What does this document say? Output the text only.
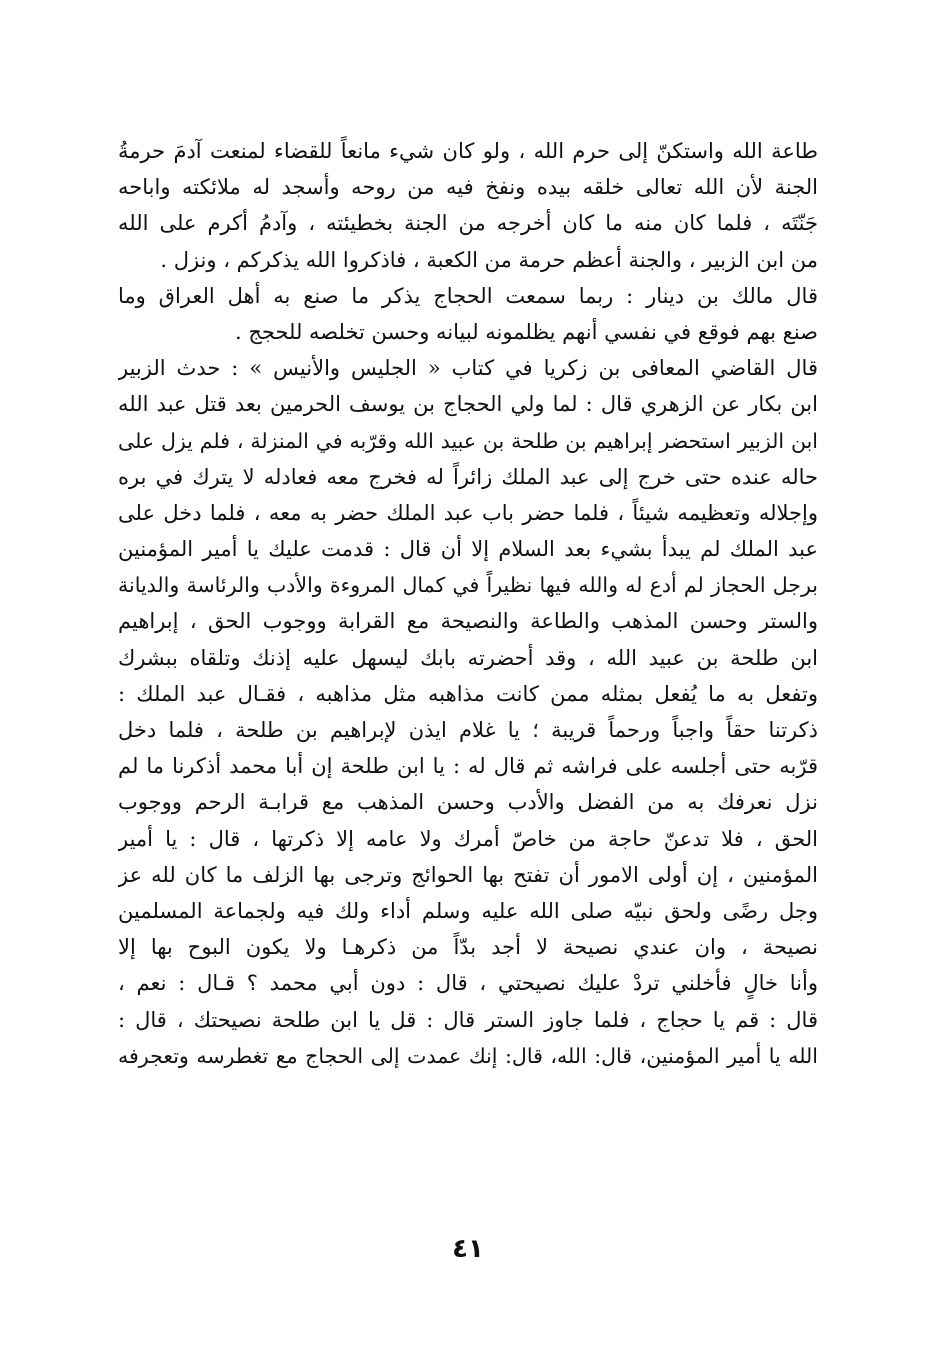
طاعة الله واستكنّ إلى حرم الله ، ولو كان شيء مانعاً للقضاء لمنعت آدمَ حرمةُ
الجنة لأن الله تعالى خلقه بيده ونفخ فيه من روحه وأسجد له ملائكته واباحه
جَنّتَه ، فلما كان منه ما كان أخرجه من الجنة بخطيئته ، وآدمُ أكرم على الله
من ابن الزبير ، والجنة أعظم حرمة من الكعبة ، فاذكروا الله يذكركم ، ونزل .
قال مالك بن دينار : ربما سمعت الحجاج يذكر ما صنع به أهل العراق وما
صنع بهم فوقع في نفسي أنهم يظلمونه لبيانه وحسن تخلصه للحجج .
قال القاضي المعافى بن زكريا في كتاب « الجليس والأنيس » : حدث الزبير
ابن بكار عن الزهري قال : لما ولي الحجاج بن يوسف الحرمين بعد قتل عبد الله
ابن الزبير استحضر إبراهيم بن طلحة بن عبيد الله وقرّبه في المنزلة ، فلم يزل على
حاله عنده حتى خرج إلى عبد الملك زائراً له فخرج معه فعادله لا يترك في بره
وإجلاله وتعظيمه شيئاً ، فلما حضر باب عبد الملك حضر به معه ، فلما دخل على
عبد الملك لم يبدأ بشيء بعد السلام إلا أن قال : قدمت عليك يا أمير المؤمنين
برجل الحجاز لم أدع له والله فيها نظيراً في كمال المروءة والأدب والرئاسة والديانة
والستر وحسن المذهب والطاعة والنصيحة مع القرابة ووجوب الحق ، إبراهيم
ابن طلحة بن عبيد الله ، وقد أحضرته بابك ليسهل عليه إذنك وتلقاه ببشرك
وتفعل به ما يُفعل بمثله ممن كانت مذاهبه مثل مذاهبه ، فقـال عبد الملك :
ذكرتنا حقاً واجباً ورحماً قريبة ؛ يا غلام ايذن لإبراهيم بن طلحة ، فلما دخل
قرّبه حتى أجلسه على فراشه ثم قال له : يا ابن طلحة إن أبا محمد أذكرنا ما لم
نزل نعرفك به من الفضل والأدب وحسن المذهب مع قرابـة الرحم ووجوب
الحق ، فلا تدعنّ حاجة من خاصّ أمرك ولا عامه إلا ذكرتها ، قال : يا أمير
المؤمنين ، إن أولى الامور أن تفتح بها الحوائج وترجى بها الزلف ما كان لله عز
وجل رضًى ولحق نبيّه صلى الله عليه وسلم أداء ولك فيه ولجماعة المسلمين
نصيحة ، وان عندي نصيحة لا أجد بدّاً من ذكرهـا ولا يكون البوح بها إلا
وأنا خالٍ فأخلني تردْ عليك نصيحتي ، قال : دون أبي محمد ؟ قـال : نعم ،
قال : قم يا حجاج ، فلما جاوز الستر قال : قل يا ابن طلحة نصيحتك ، قال :
الله يا أمير المؤمنين، قال: الله، قال: إنك عمدت إلى الحجاج مع تغطرسه وتعجرفه
٤١
